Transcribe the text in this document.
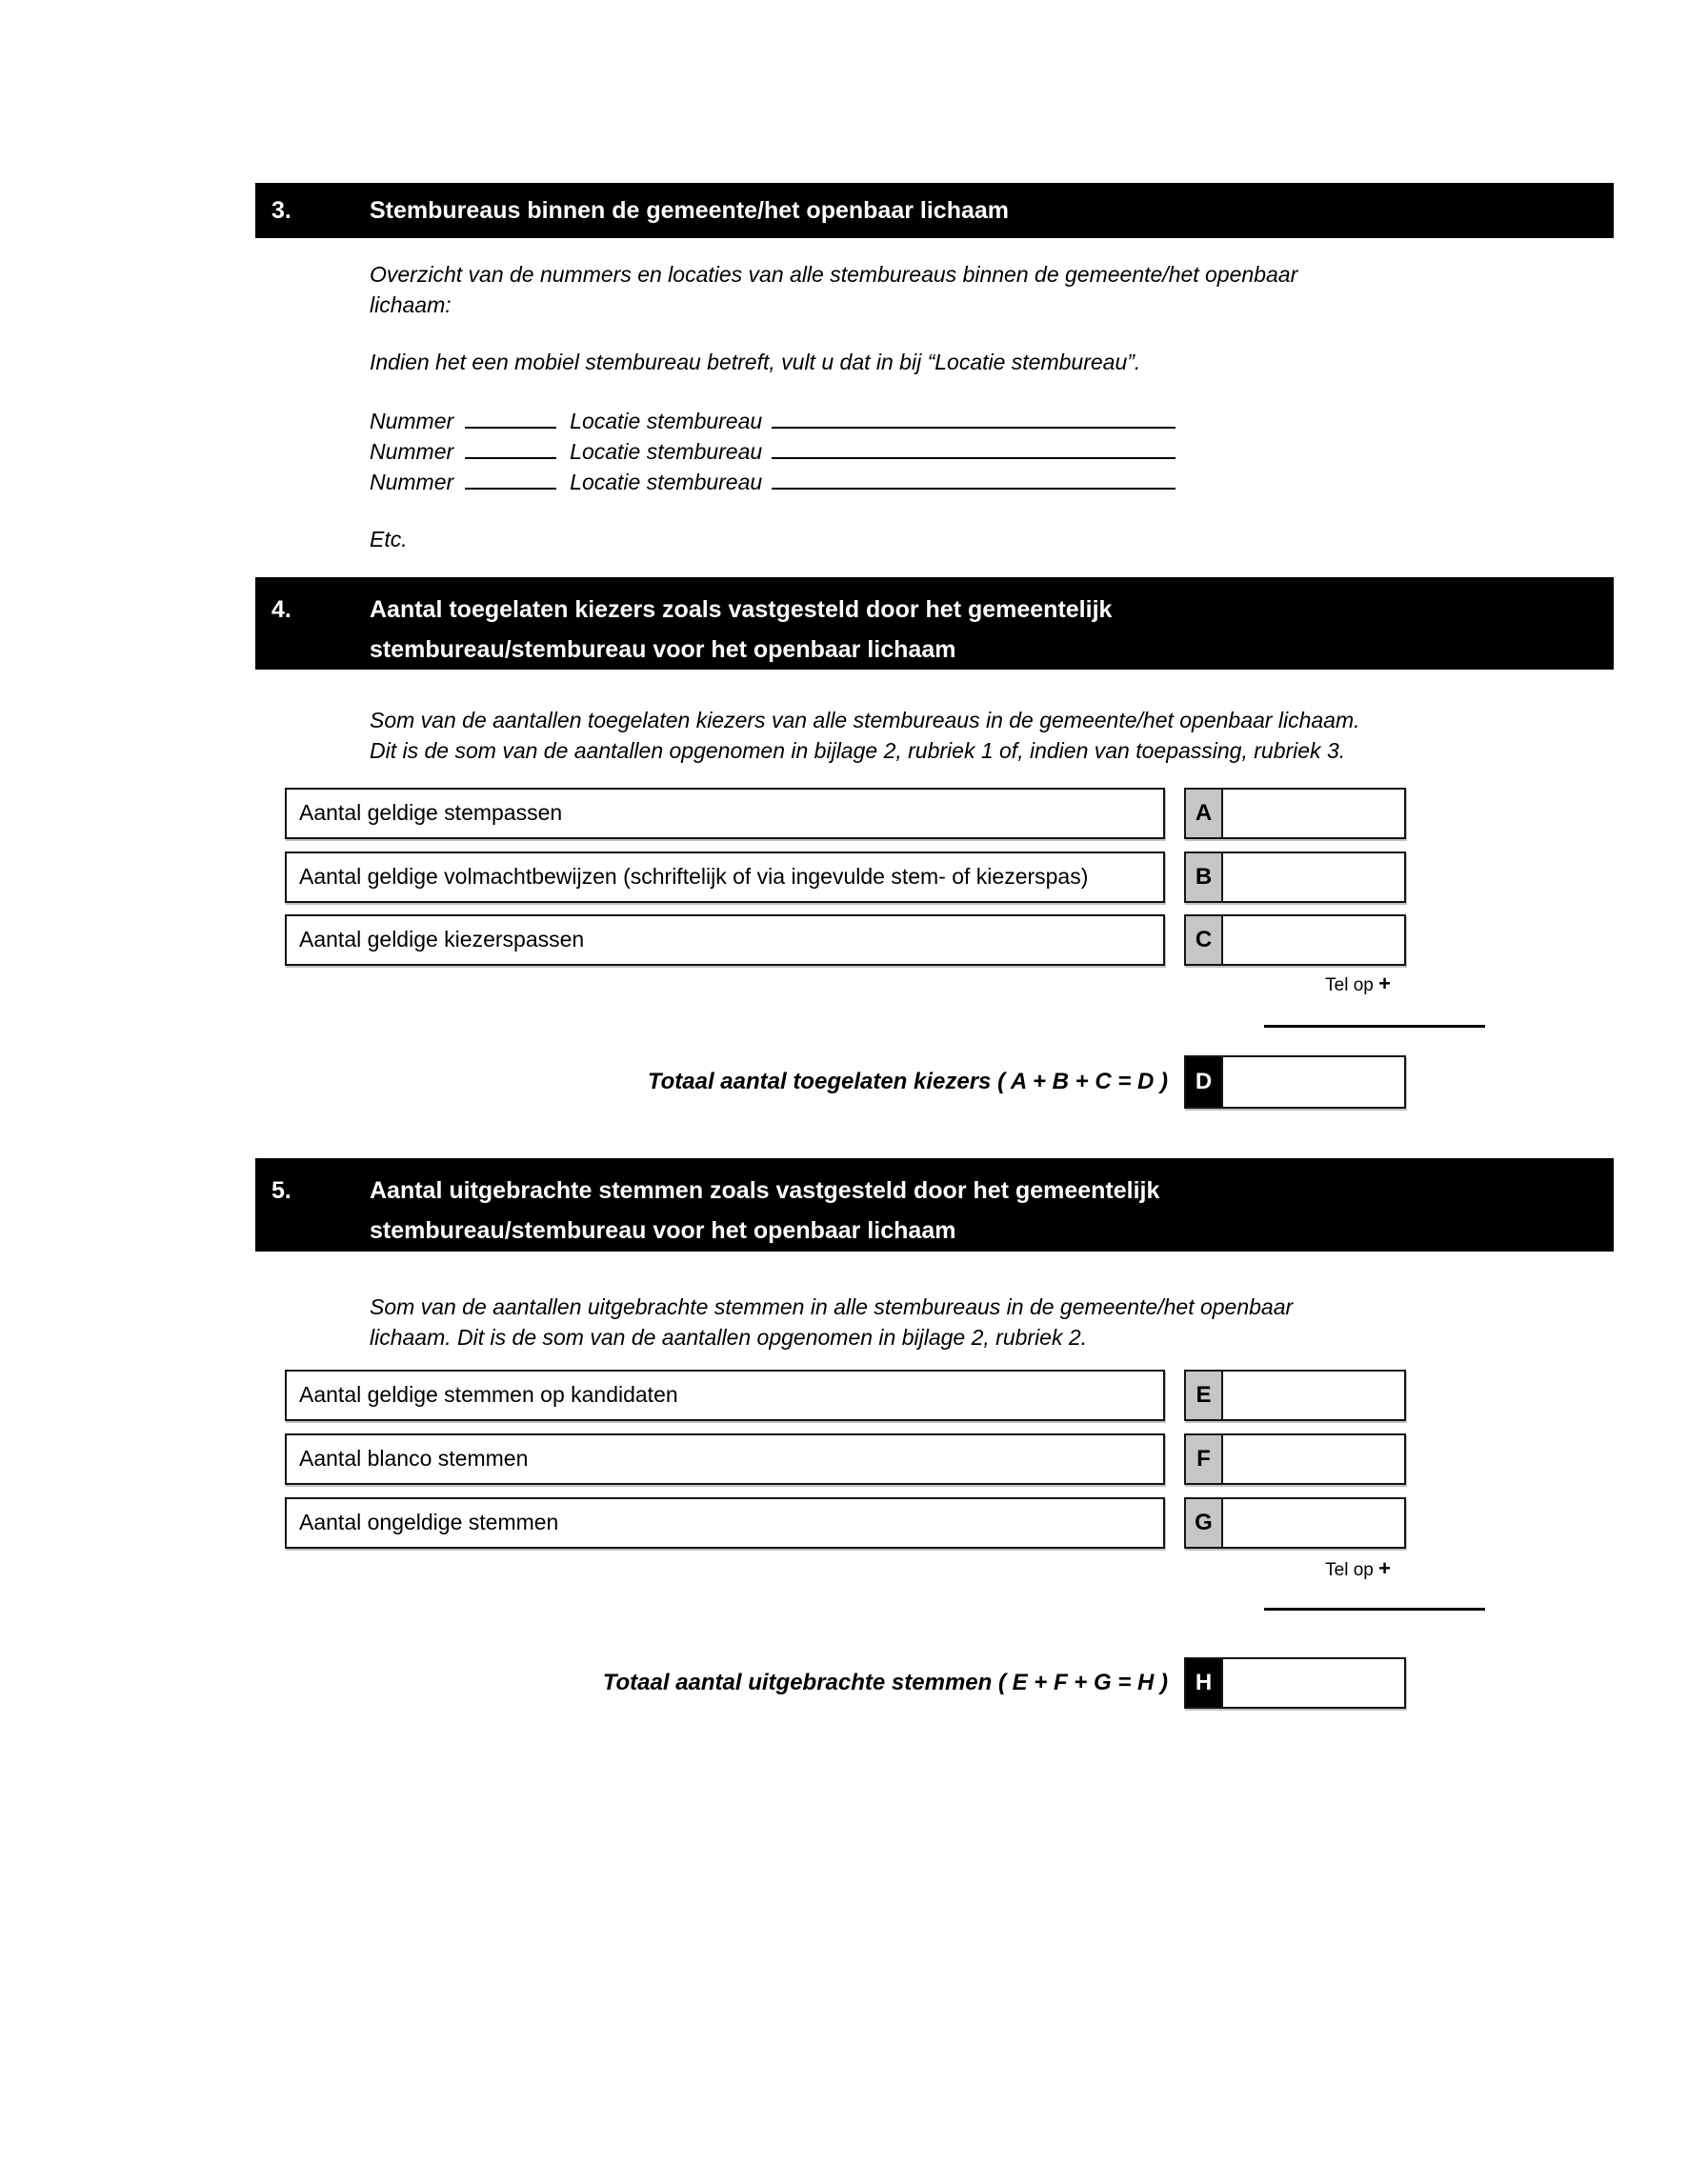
3.	Stembureaus binnen de gemeente/het openbaar lichaam
Overzicht van de nummers en locaties van alle stembureaus binnen de gemeente/het openbaar
lichaam:
Indien het een mobiel stembureau betreft, vult u dat in bij “Locatie stembureau”.
Nummer	Locatie stembureau
Nummer	Locatie stembureau
Nummer	Locatie stembureau
Etc.
4.	Aantal toegelaten kiezers zoals vastgesteld door het gemeentelijk
stembureau/stembureau voor het openbaar lichaam
Som van de aantallen toegelaten kiezers van alle stembureaus in de gemeente/het openbaar lichaam.
Dit is de som van de aantallen opgenomen in bijlage 2, rubriek 1 of, indien van toepassing, rubriek 3.
Aantal geldige stempassen	A
Aantal geldige volmachtbewijzen (schriftelijk of via ingevulde stem- of kiezerspas)	B
Aantal geldige kiezerspassen	C
Tel op +
Totaal aantal toegelaten kiezers ( A + B + C = D )	D
5.	Aantal uitgebrachte stemmen zoals vastgesteld door het gemeentelijk
stembureau/stembureau voor het openbaar lichaam
Som van de aantallen uitgebrachte stemmen in alle stembureaus in de gemeente/het openbaar
lichaam. Dit is de som van de aantallen opgenomen in bijlage 2, rubriek 2.
Aantal geldige stemmen op kandidaten	E
Aantal blanco stemmen	F
Aantal ongeldige stemmen	G
Tel op +
Totaal aantal uitgebrachte stemmen ( E + F + G = H )	H
